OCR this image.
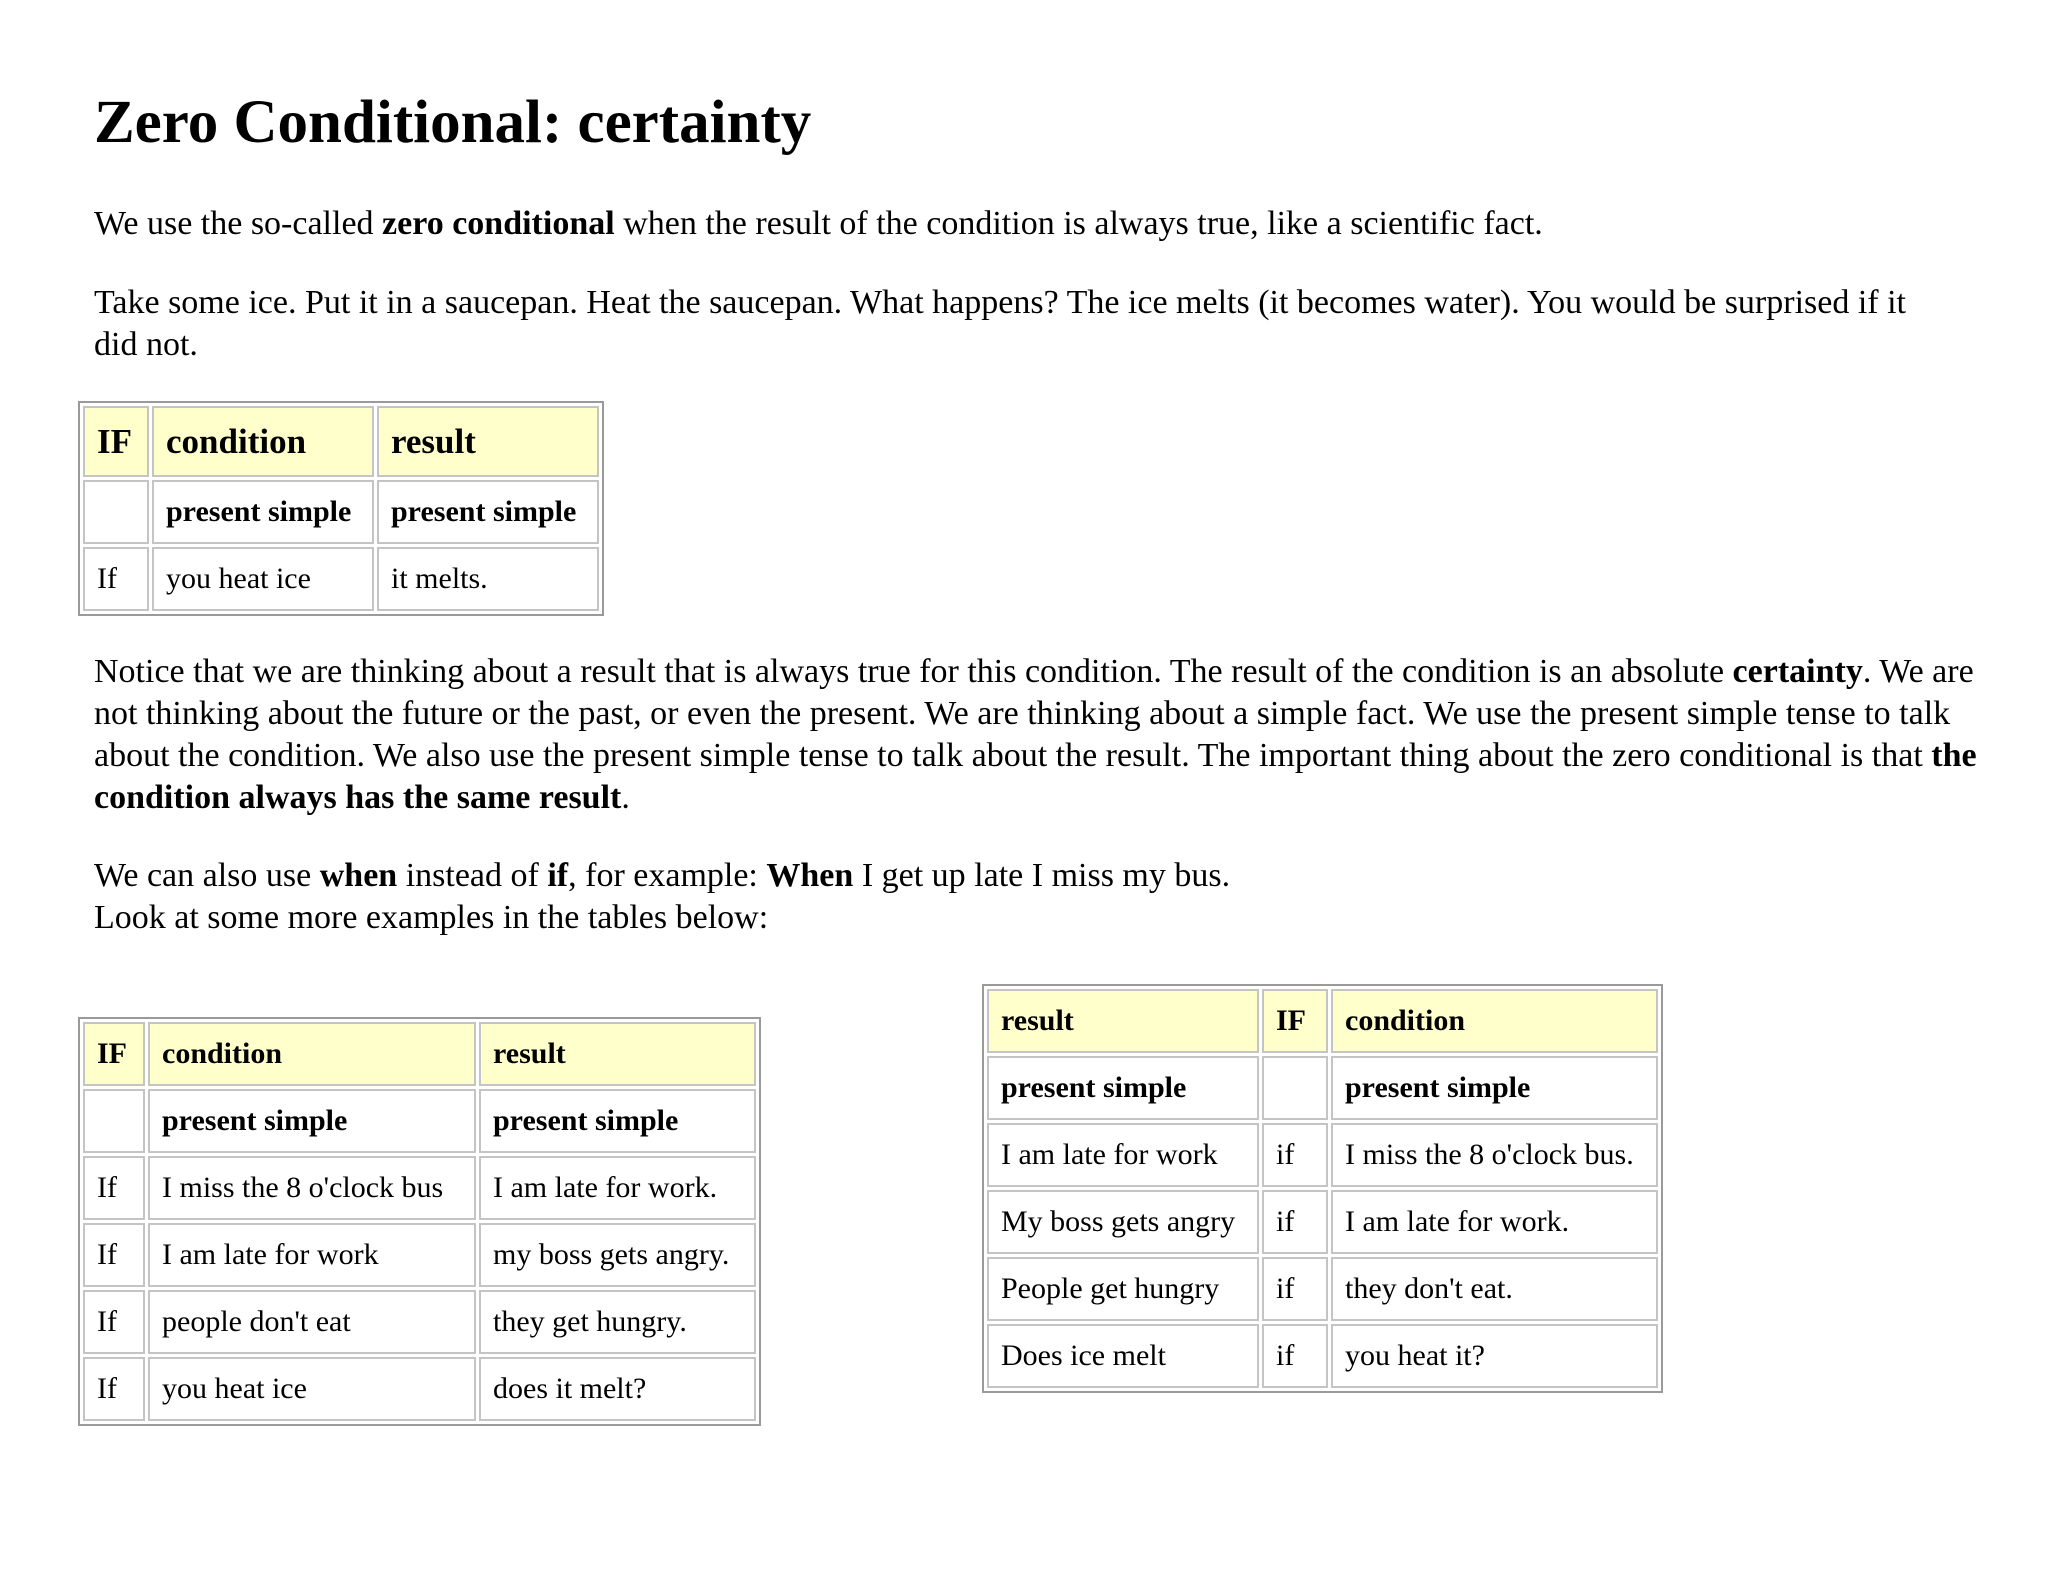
Zero Conditional: certainty

We use the so-called zero conditional when the result of the condition is always true, like a scientific fact.

Take some ice. Put it in a saucepan. Heat the saucepan. What happens? The ice melts (it becomes water). You would be surprised if it did not.

Notice that we are thinking about a result that is always true for this condition. The result of the condition is an absolute certainty. We are not thinking about the future or the past, or even the present. We are thinking about a simple fact. We use the present simple tense to talk about the condition. We also use the present simple tense to talk about the result. The important thing about the zero conditional is that the condition always has the same result.

We can also use when instead of if, for example: When I get up late I miss my bus.
Look at some more examples in the tables below:

IF	condition	result
	present simple	present simple
If	you heat ice	it melts.
IF	condition	result
	present simple	present simple
If	I miss the 8 o'clock bus	I am late for work.
If	I am late for work	my boss gets angry.
If	people don't eat	they get hungry.
If	you heat ice	does it melt?
result	IF	condition
present simple		present simple
I am late for work	if	I miss the 8 o'clock bus.
My boss gets angry	if	I am late for work.
People get hungry	if	they don't eat.
Does ice melt	if	you heat it?
